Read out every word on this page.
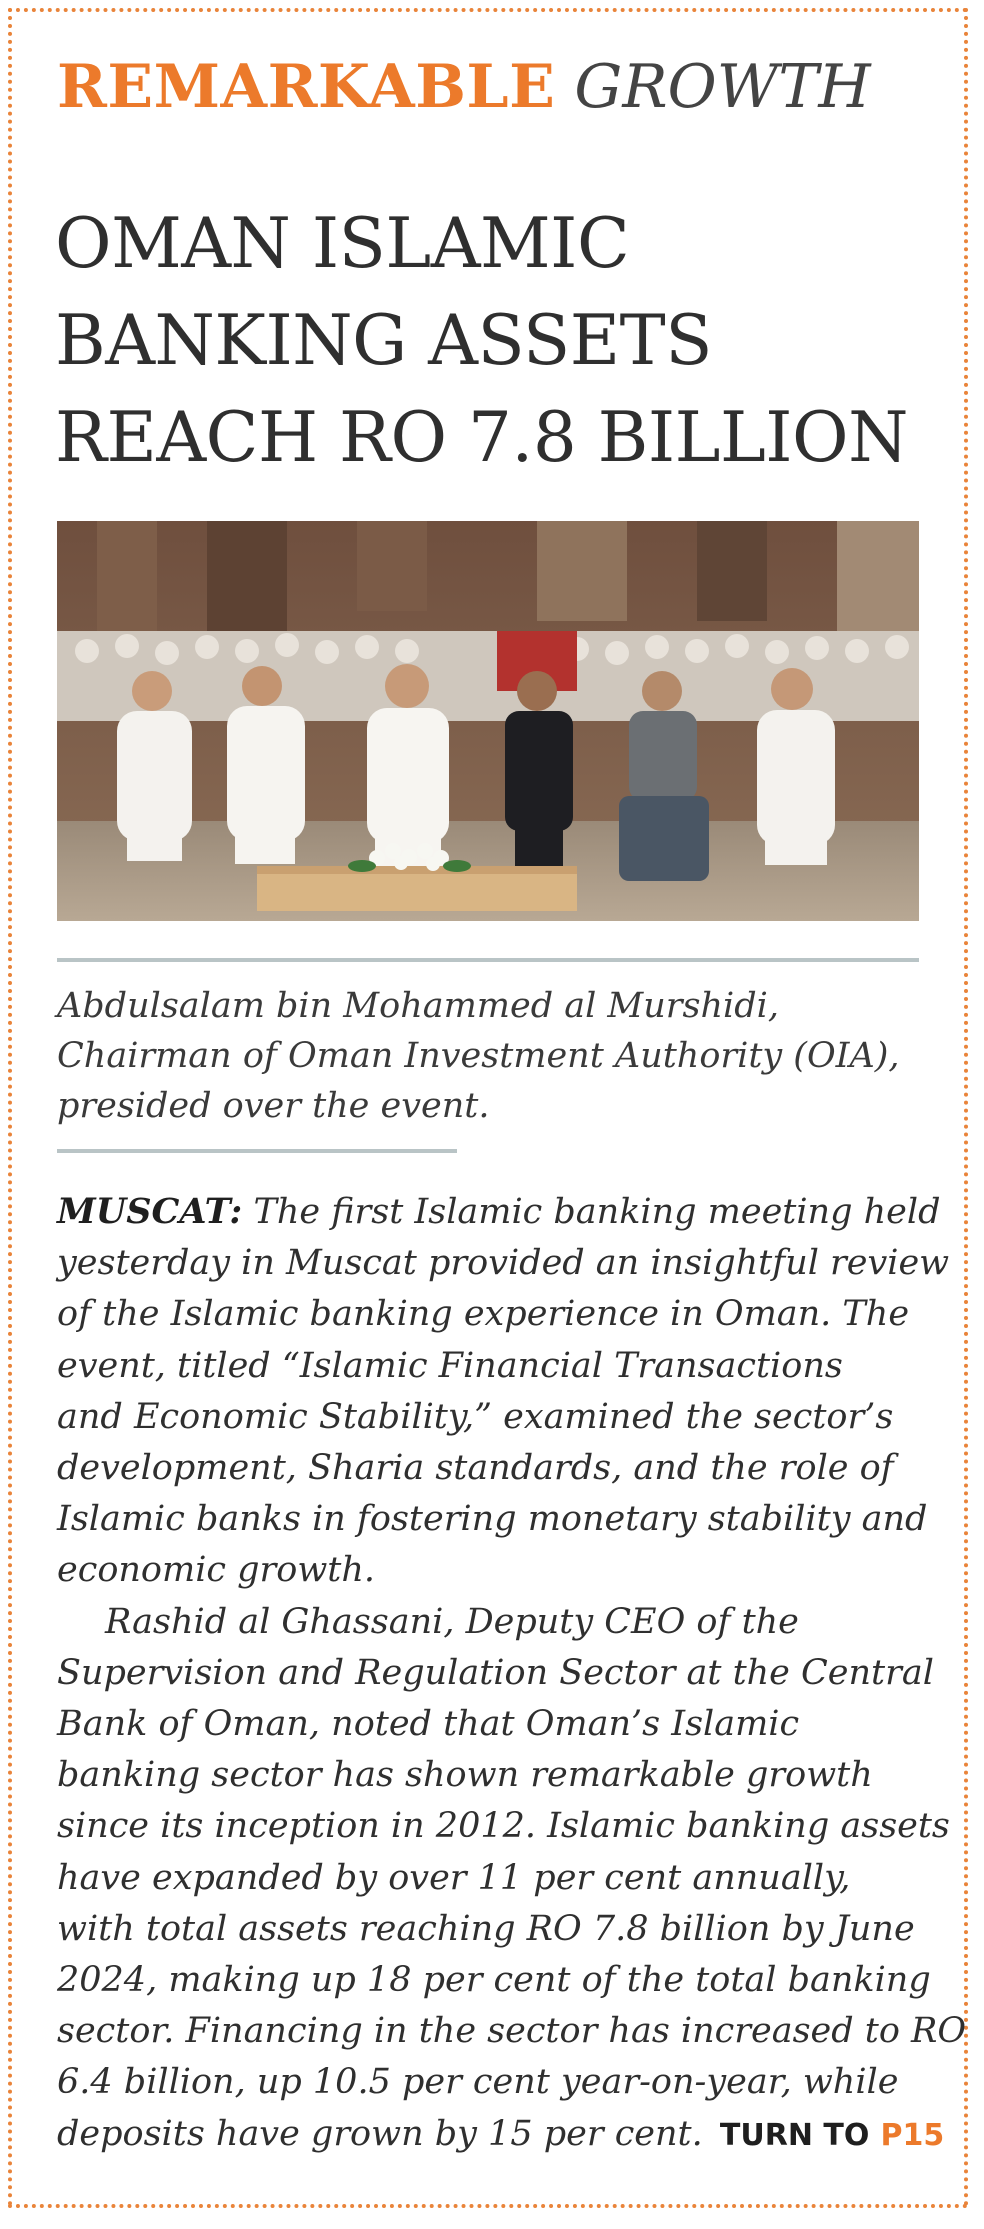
REMARKABLE GROWTH
OMAN ISLAMIC
BANKING ASSETS
REACH RO 7.8 BILLION
Abdulsalam bin Mohammed al Murshidi,
Chairman of Oman Investment Authority (OIA),
presided over the event.
MUSCAT: The first Islamic banking meeting held
yesterday in Muscat provided an insightful review
of the Islamic banking experience in Oman. The
event, titled “Islamic Financial Transactions
and Economic Stability,” examined the sector’s
development, Sharia standards, and the role of
Islamic banks in fostering monetary stability and
economic growth.
Rashid al Ghassani, Deputy CEO of the
Supervision and Regulation Sector at the Central
Bank of Oman, noted that Oman’s Islamic
banking sector has shown remarkable growth
since its inception in 2012. Islamic banking assets
have expanded by over 11 per cent annually,
with total assets reaching RO 7.8 billion by June
2024, making up 18 per cent of the total banking
sector. Financing in the sector has increased to RO
6.4 billion, up 10.5 per cent year-on-year, while
deposits have grown by 15 per cent. TURN TO P15
